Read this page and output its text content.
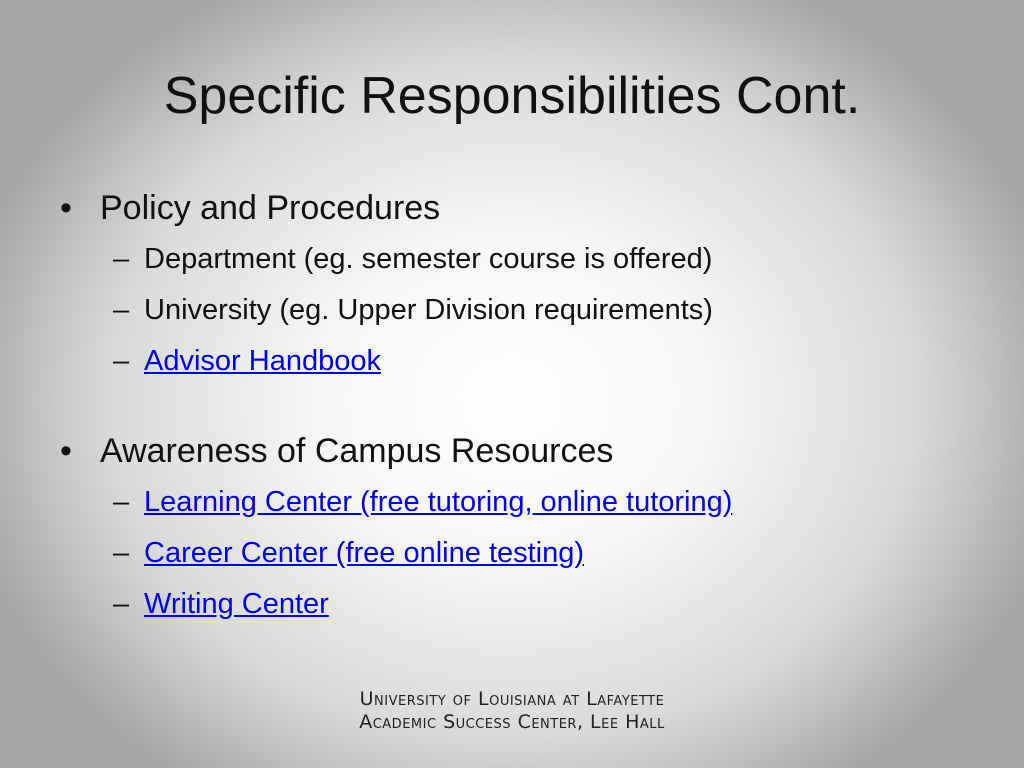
Specific Responsibilities Cont.
• Policy and Procedures
– Department (eg. semester course is offered)
– University (eg. Upper Division requirements)
– Advisor Handbook
• Awareness of Campus Resources
– Learning Center (free tutoring, online tutoring)
– Career Center (free online testing)
– Writing Center
University of Louisiana at Lafayette
Academic Success Center, Lee Hall
